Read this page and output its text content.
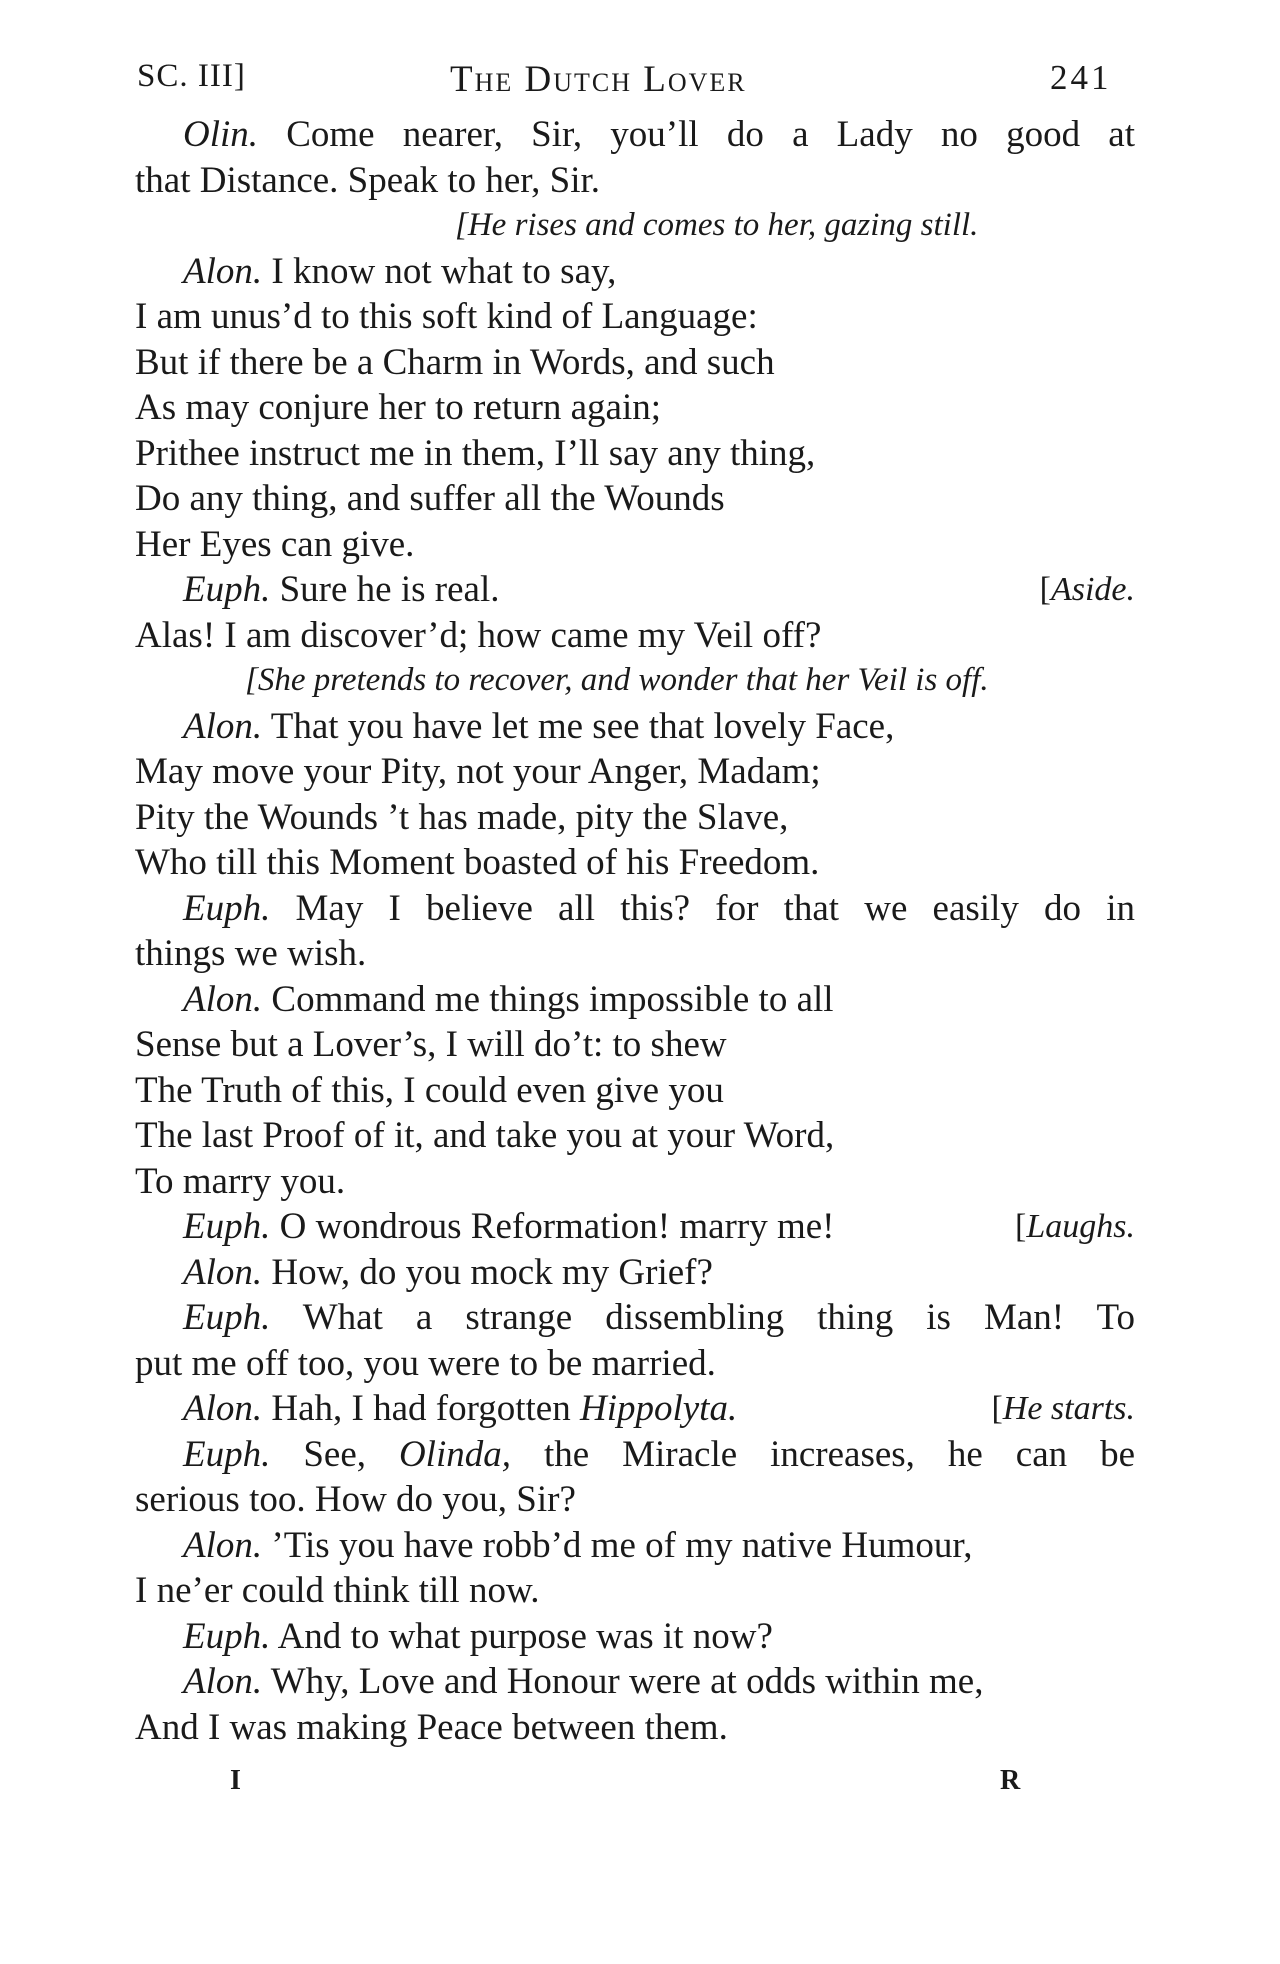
SC. III]	The Dutch Lover	241
Olin. Come nearer, Sir, you’ll do a Lady no good at
that Distance. Speak to her, Sir.
[He rises and comes to her, gazing still.
Alon. I know not what to say,
I am unus’d to this soft kind of Language:
But if there be a Charm in Words, and such
As may conjure her to return again;
Prithee instruct me in them, I’ll say any thing,
Do any thing, and suffer all the Wounds
Her Eyes can give.
Euph. Sure he is real.	[Aside.
Alas! I am discover’d; how came my Veil off?
[She pretends to recover, and wonder that her Veil is off.
Alon. That you have let me see that lovely Face,
May move your Pity, not your Anger, Madam;
Pity the Wounds ’t has made, pity the Slave,
Who till this Moment boasted of his Freedom.
Euph. May I believe all this? for that we easily do in
things we wish.
Alon. Command me things impossible to all
Sense but a Lover’s, I will do’t: to shew
The Truth of this, I could even give you
The last Proof of it, and take you at your Word,
To marry you.
Euph. O wondrous Reformation! marry me!	[Laughs.
Alon. How, do you mock my Grief?
Euph. What a strange dissembling thing is Man! To
put me off too, you were to be married.
Alon. Hah, I had forgotten Hippolyta.	[He starts.
Euph. See, Olinda, the Miracle increases, he can be
serious too. How do you, Sir?
Alon. ’Tis you have robb’d me of my native Humour,
I ne’er could think till now.
Euph. And to what purpose was it now?
Alon. Why, Love and Honour were at odds within me,
And I was making Peace between them.
I	R
